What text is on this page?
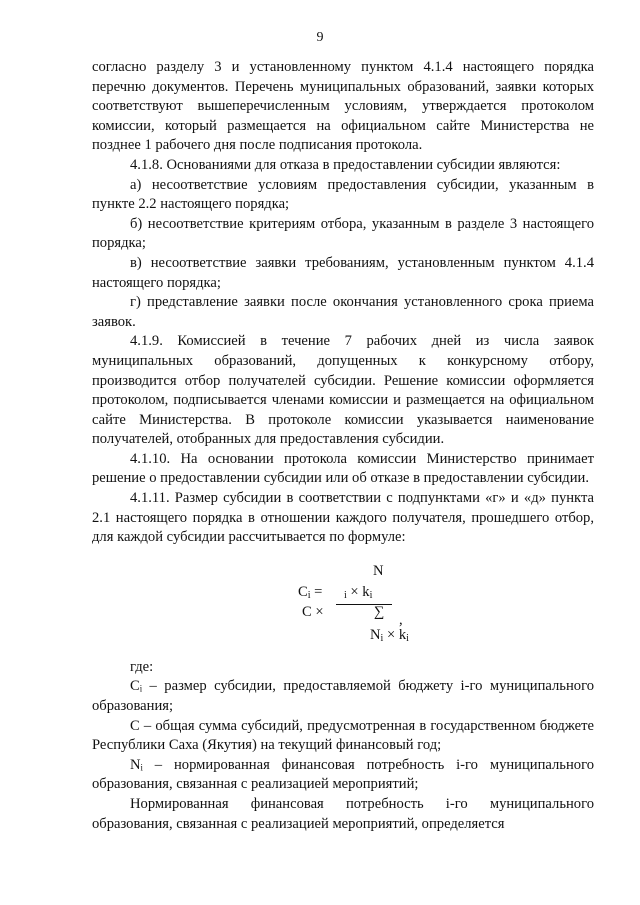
9

согласно разделу 3 и установленному пунктом 4.1.4 настоящего порядка перечню документов. Перечень муниципальных образований, заявки которых соответствуют вышеперечисленным условиям, утверждается протоколом комиссии, который размещается на официальном сайте Министерства не позднее 1 рабочего дня после подписания протокола.

4.1.8. Основаниями для отказа в предоставлении субсидии являются:

а) несоответствие условиям предоставления субсидии, указанным в пункте 2.2 настоящего порядка;

б) несоответствие критериям отбора, указанным в разделе 3 настоящего порядка;

в) несоответствие заявки требованиям, установленным пунктом 4.1.4 настоящего порядка;

г) представление заявки после окончания установленного срока приема заявок.

4.1.9. Комиссией в течение 7 рабочих дней из числа заявок муниципальных образований, допущенных к конкурсному отбору, производится отбор получателей субсидии. Решение комиссии оформляется протоколом, подписывается членами комиссии и размещается на официальном сайте Министерства. В протоколе комиссии указывается наименование получателей, отобранных для предоставления субсидии.

4.1.10. На основании протокола комиссии Министерство принимает решение о предоставлении субсидии или об отказе в предоставлении субсидии.

4.1.11. Размер субсидии в соответствии с подпунктами «г» и «д» пункта 2.1 настоящего порядка в отношении каждого получателя, прошедшего отбор, для каждой субсидии рассчитывается по формуле:

N
$C_i = _i \times k_i$
С ×	∑ ,
$N_i \times k_i$

где:

Cᵢ – размер субсидии, предоставляемой бюджету i-го муниципального образования;

С – общая сумма субсидий, предусмотренная в государственном бюджете Республики Саха (Якутия) на текущий финансовый год;

Nᵢ – нормированная финансовая потребность i-го муниципального образования, связанная с реализацией мероприятий;

Нормированная финансовая потребность i-го муниципального образования, связанная с реализацией мероприятий, определяется
